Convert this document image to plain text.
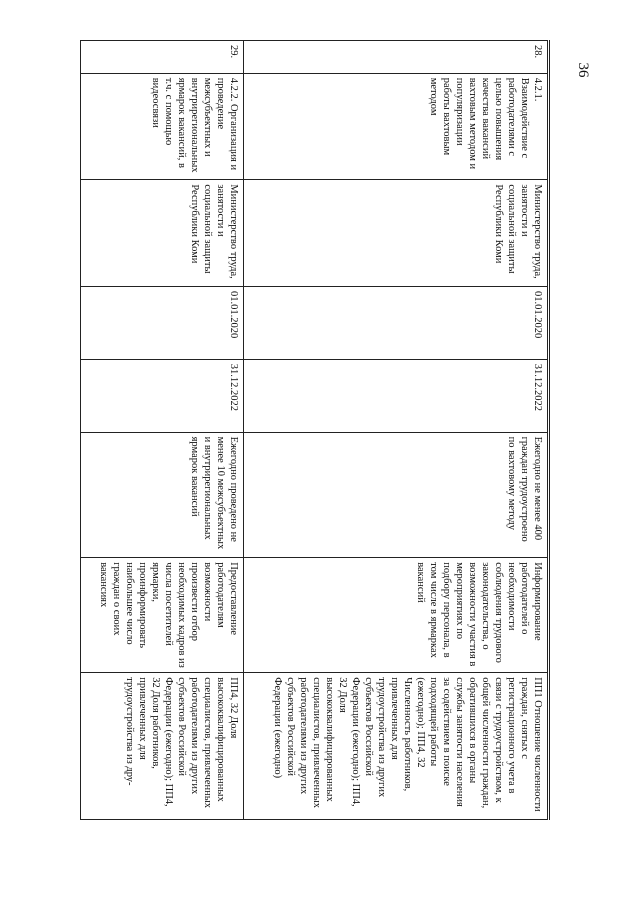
36
28.	4.2.1. Взаимодействие с работодателями с целью повышения качества вакансий вахтовым методом и популяризации работы вахтовым методом	Министерство труда, занятости и социальной защиты Республики Коми	01.01.2020	31.12.2022	Ежегодно не менее 400 граждан трудоустроено по вахтовому методу	Информирование работодателей о необходимости соблюдения трудового законодательства, о возможности участия в мероприятиях по подбору персонала, в том числе в ярмарках вакансий	ПП1 Отношение численности граждан, снятых с регистрационного учета в связи с трудоустройством, к общей численности граждан, обратившихся в органы службы занятости населения за содействием в поиске подходящей работы (ежегодно); ПП4, 32 Численность работников, привлеченных для трудоустройства из других субъектов Российской Федерации (ежегодно); ПП4, 32 Доля высококвалифицированных специалистов, привлеченных работодателями из других субъектов Российской Федерации (ежегодно)
29.	4.2.2. Организация и проведение межсубъектных и внутрирегиональных ярмарок вакансий, в т.ч. с помощью видеосвязи	Министерство труда, занятости и социальной защиты Республики Коми	01.01.2020	31.12.2022	Ежегодно проведено не менее 10 межсубъектных и внутрирегиональных ярмарок вакансий	Предоставление работодателям возможности произвести отбор необходимых кадров из числа посетителей ярмарки, проинформировать наибольшее число граждан о своих вакансиях	ПП4, 32 Доля высококвалифицированных специалистов, привлеченных работодателями из других субъектов Российской Федерации (ежегодно); ПП4, 32 Доля работников, привлеченных для трудоустройства из дру-
